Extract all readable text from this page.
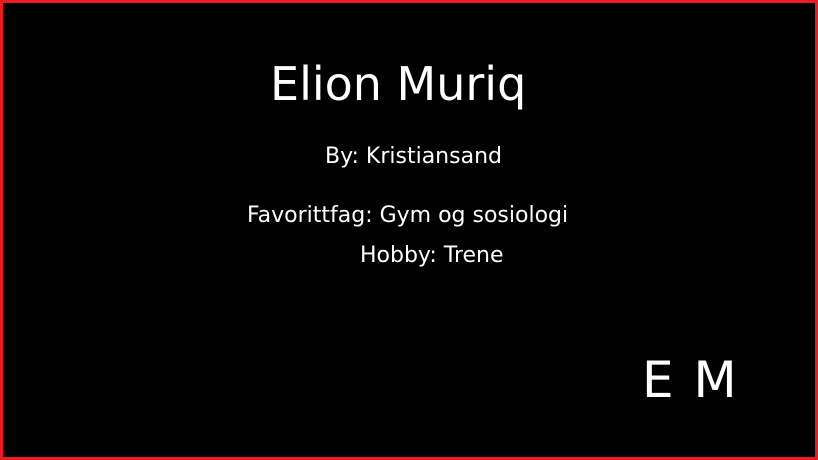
Elion Muriq
By: Kristiansand
Favorittfag: Gym og sosiologi
Hobby: Trene
E M
